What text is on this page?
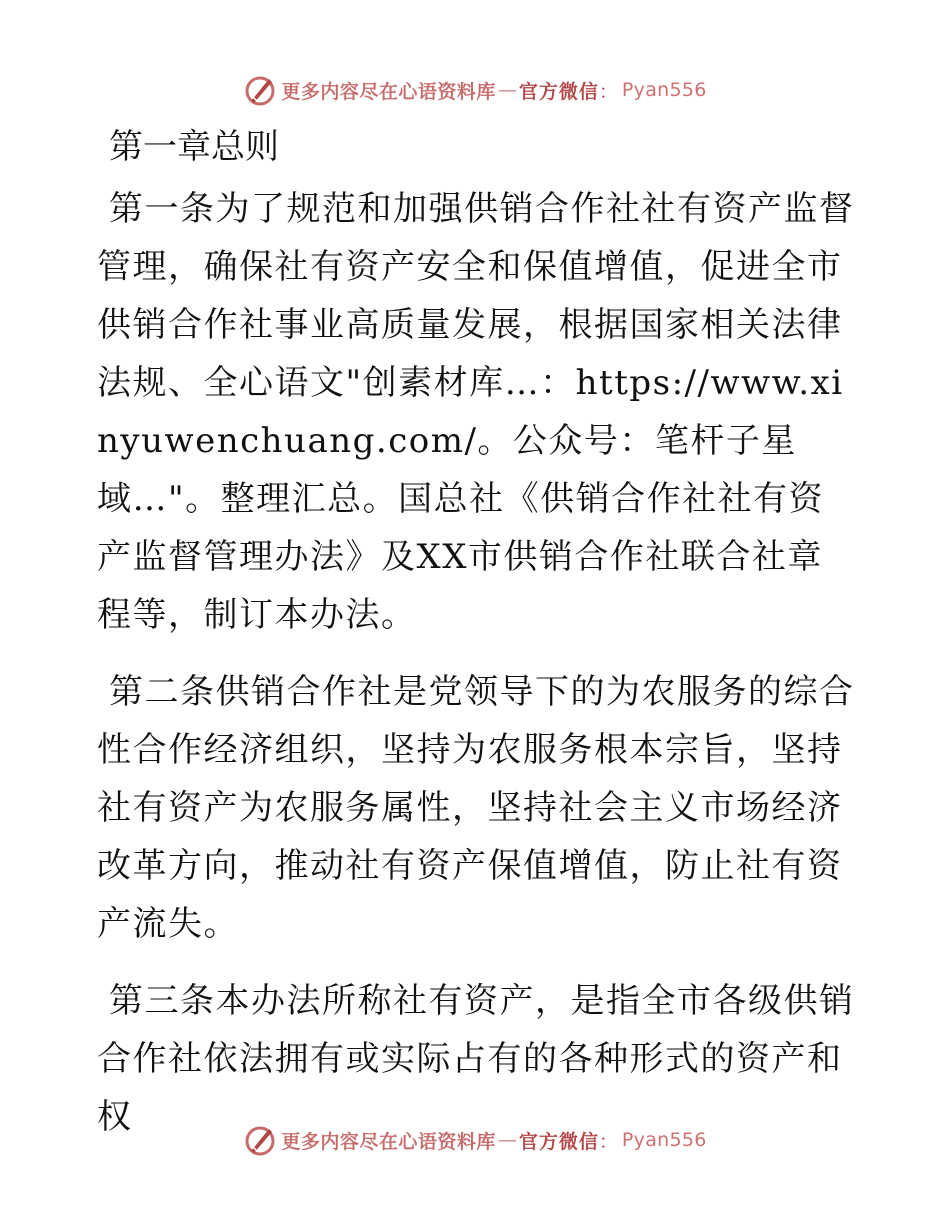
更多内容尽在心语资料库 — 官方微信 ： Pyan556
第一章总则

第一条为了规范和加强供销合作社社有资产监督管理，确保社有资产安全和保值增值，促进全市供销合作社事业高质量发展，根据国家相关法律法规、全心语文"创素材库…：https://www.xinyuwenchuang.com/。公众号：笔杆子星域…"。整理汇总。国总社《供销合作社社有资产监督管理办法》及XX市供销合作社联合社章程等，制订本办法。

第二条供销合作社是党领导下的为农服务的综合性合作经济组织，坚持为农服务根本宗旨，坚持社有资产为农服务属性，坚持社会主义市场经济改革方向，推动社有资产保值增值，防止社有资产流失。

第三条本办法所称社有资产，是指全市各级供销合作社依法拥有或实际占有的各种形式的资产和权

更多内容尽在心语资料库 — 官方微信 ： Pyan556
